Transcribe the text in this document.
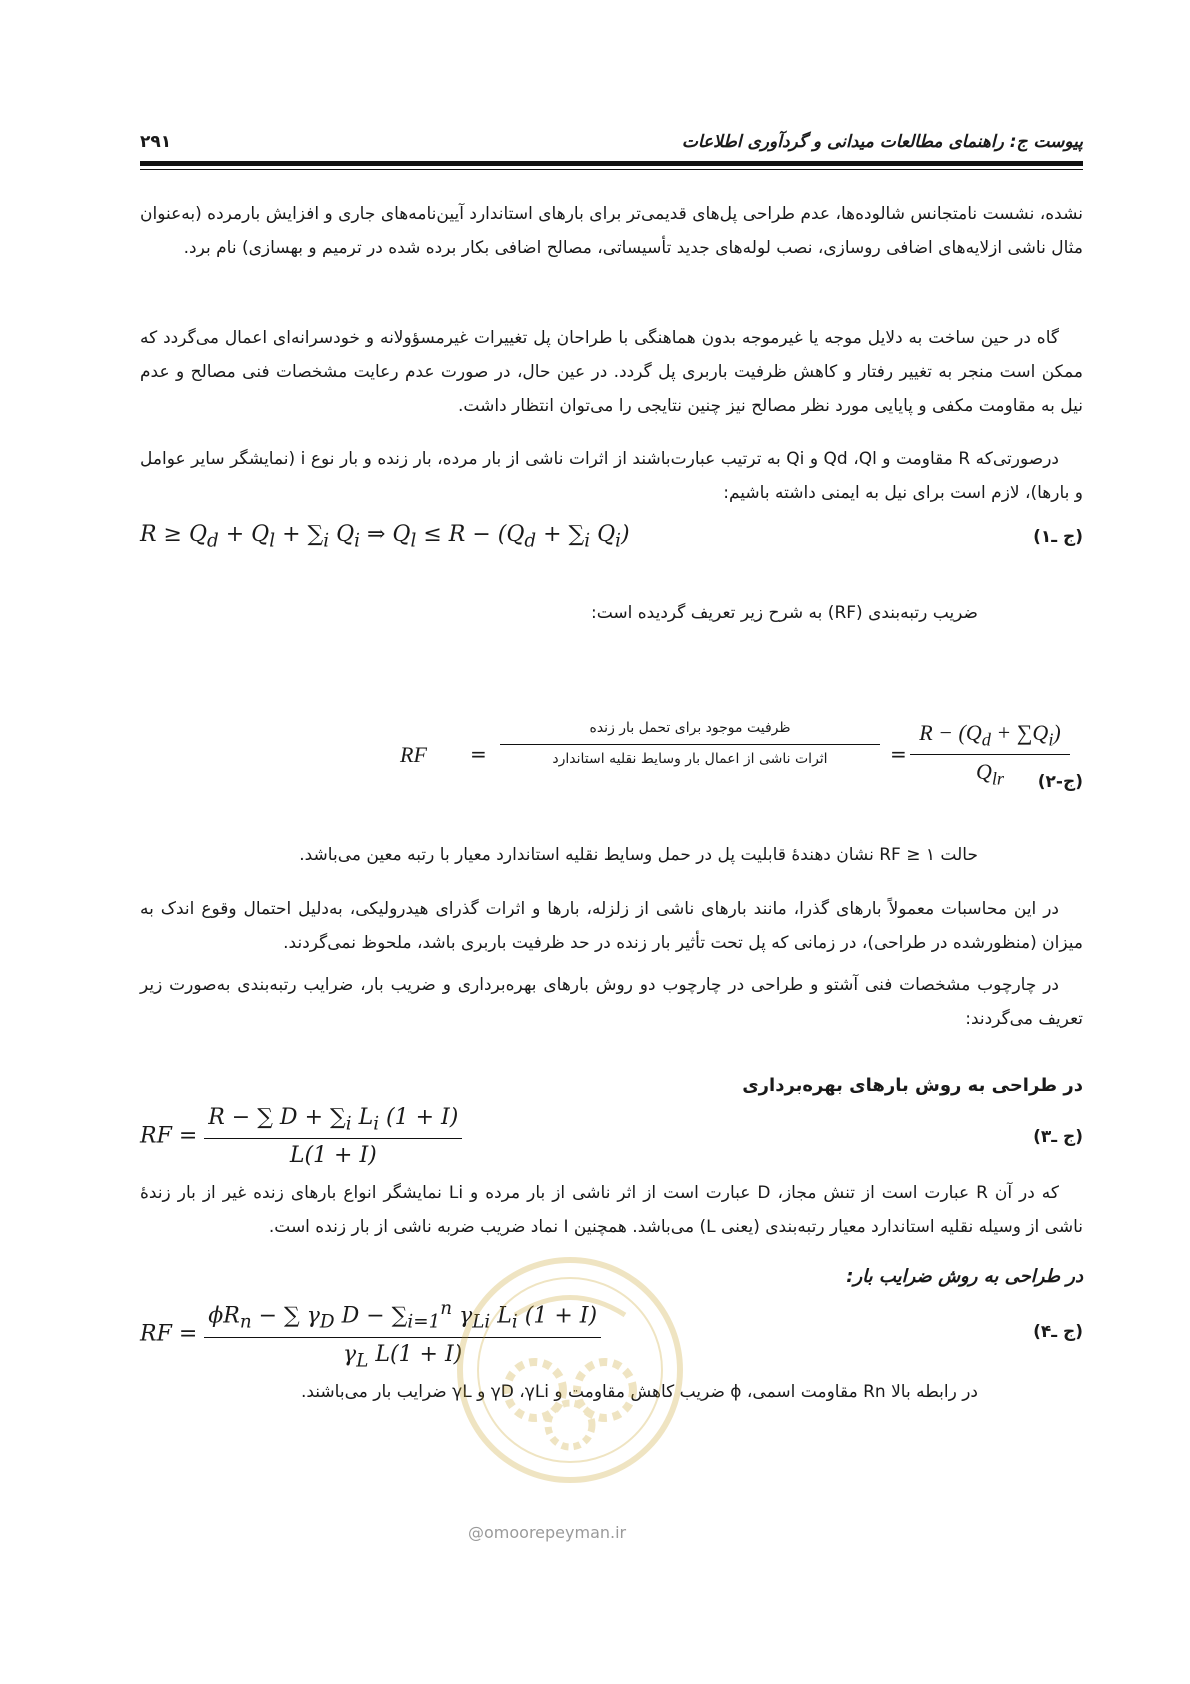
پیوست ج: راهنمای مطالعات میدانی و گردآوری اطلاعات
۲۹۱
نشده، نشست نامتجانس شالوده‌ها، عدم طراحی پل‌های قدیمی‌تر برای بارهای استاندارد آیین‌نامه‌های جاری و افزایش بارمرده (به‌عنوان مثال ناشی ازلایه‌های اضافی روسازی، نصب لوله‌های جدید تأسیساتی، مصالح اضافی بکار برده شده در ترمیم و بهسازی) نام برد.
گاه در حین ساخت به دلایل موجه یا غیرموجه بدون هماهنگی با طراحان پل تغییرات غیرمسؤولانه و خودسرانه‌ای اعمال می‌گردد که ممکن است منجر به تغییر رفتار و کاهش ظرفیت باربری پل گردد. در عین حال، در صورت عدم رعایت مشخصات فنی مصالح و عدم نیل به مقاومت مکفی و پایایی مورد نظر مصالح نیز چنین نتایجی را می‌توان انتظار داشت.
درصورتی‌که R مقاومت و Qd ،Ql و Qi به ترتیب عبارت‌باشند از اثرات ناشی از بار مرده، بار زنده و بار نوع i (نمایشگر سایر عوامل و بارها)، لازم است برای نیل به ایمنی داشته باشیم:
$R \ge Q_d + Q_l + \sum_i$ $Q_i$ ⇒ $Q_l \le R - (Q_d + \sum_i$ $Q_i$)	(ج ـ۱)
ضریب رتبه‌بندی (RF) به شرح زیر تعریف گردیده است:
RF =
ظرفیت موجود برای تحمل بار زنده
اثرات ناشی از اعمال بار وسایط نقلیه استاندارد	=
$R - (Q_d + \sum Q_i)$
$Q_{lr}$	(ج-۲)
حالت ۱ ≤ RF نشان دهندهٔ قابلیت پل در حمل وسایط نقلیه استاندارد معیار با رتبه معین می‌باشد.
در این محاسبات معمولاً بارهای گذرا، مانند بارهای ناشی از زلزله، بارها و اثرات گذرای هیدرولیکی، به‌دلیل احتمال وقوع اندک به میزان (منظورشده در طراحی)، در زمانی که پل تحت تأثیر بار زنده در حد ظرفیت باربری باشد، ملحوظ نمی‌گردند.
در چارچوب مشخصات فنی آشتو و طراحی در چارچوب دو روش بارهای بهره‌برداری و ضریب بار، ضرایب رتبه‌بندی به‌صورت زیر تعریف می‌گردند:
در طراحی به روش بارهای بهره‌برداری
RF = $\frac{R - \sum D + \sum_i L_i (1 + I)}{L(1 + I)}$	(ج ـ۳)
که در آن R عبارت است از تنش مجاز، D عبارت است از اثر ناشی از بار مرده و Li نمایشگر انواع بارهای زنده غیر از بار زندهٔ ناشی از وسیله نقلیه استاندارد معیار رتبه‌بندی (یعنی L) می‌باشد. همچنین I نماد ضریب ضربه ناشی از بار زنده است.
در طراحی به روش ضرایب بار:
RF = $\frac{\phi R_n - \sum \gamma_D D - \sum_{i=1}^n \gamma_{Li} L_i (1 + I)}{\gamma_L L(1 + I)}$	(ج ـ۴)
در رابطه بالا Rn مقاومت اسمی، ϕ ضریب کاهش مقاومت و γD ،γLi و γL ضرایب بار می‌باشند.
@omoorepeyman.ir
